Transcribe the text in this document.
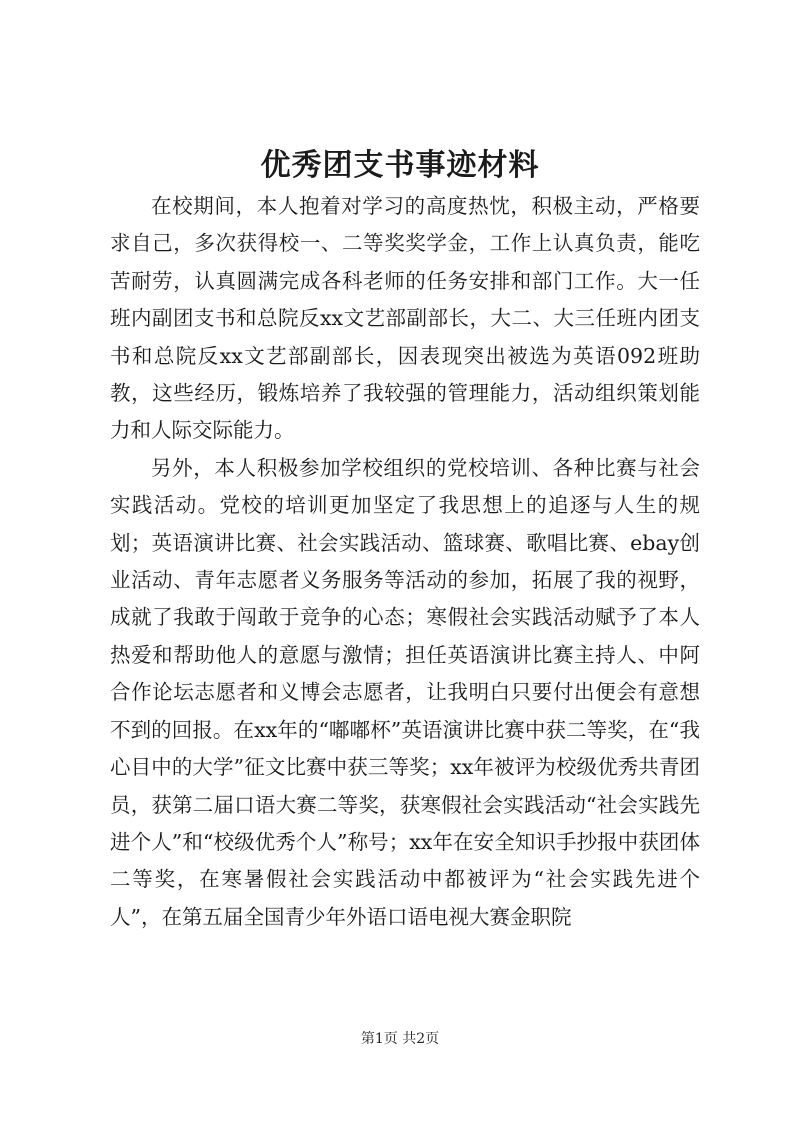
优秀团支书事迹材料

在校期间，本人抱着对学习的高度热忱，积极主动，严格要求自己，多次获得校一、二等奖奖学金，工作上认真负责，能吃苦耐劳，认真圆满完成各科老师的任务安排和部门工作。大一任班内副团支书和总院反xx文艺部副部长，大二、大三任班内团支书和总院反xx文艺部副部长，因表现突出被选为英语092班助教，这些经历，锻炼培养了我较强的管理能力，活动组织策划能力和人际交际能力。

另外，本人积极参加学校组织的党校培训、各种比赛与社会实践活动。党校的培训更加坚定了我思想上的追逐与人生的规划；英语演讲比赛、社会实践活动、篮球赛、歌唱比赛、ebay创业活动、青年志愿者义务服务等活动的参加，拓展了我的视野，成就了我敢于闯敢于竞争的心态；寒假社会实践活动赋予了本人热爱和帮助他人的意愿与激情；担任英语演讲比赛主持人、中阿合作论坛志愿者和义博会志愿者，让我明白只要付出便会有意想不到的回报。在xx年的“嘟嘟杯”英语演讲比赛中获二等奖，在“我心目中的大学”征文比赛中获三等奖；xx年被评为校级优秀共青团员，获第二届口语大赛二等奖，获寒假社会实践活动“社会实践先进个人”和“校级优秀个人”称号；xx年在安全知识手抄报中获团体二等奖，在寒暑假社会实践活动中都被评为“社会实践先进个人”，在第五届全国青少年外语口语电视大赛金职院

第1页 共2页
